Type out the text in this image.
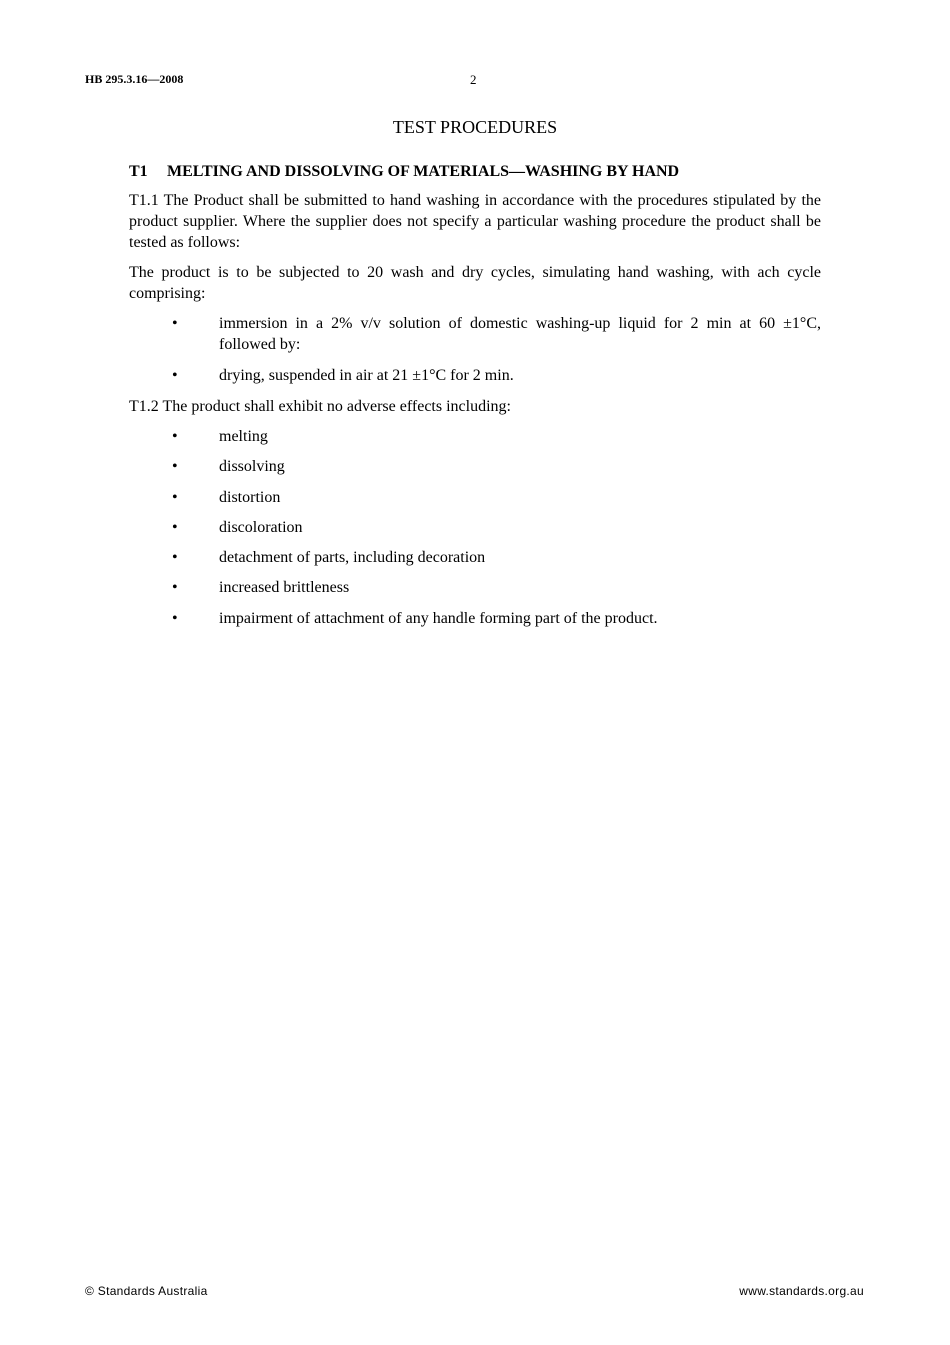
HB 295.3.16—2008	2
TEST PROCEDURES
T1 MELTING AND DISSOLVING OF MATERIALS—WASHING BY HAND

T1.1 The Product shall be submitted to hand washing in accordance with the procedures stipulated by the product supplier. Where the supplier does not specify a particular washing procedure the product shall be tested as follows:

The product is to be subjected to 20 wash and dry cycles, simulating hand washing, with ach cycle comprising:

•	immersion in a 2% v/v solution of domestic washing-up liquid for 2 min at 60 ±1°C, followed by:
•	drying, suspended in air at 21 ±1°C for 2 min.

T1.2 The product shall exhibit no adverse effects including:

•	melting
•	dissolving
•	distortion
•	discoloration
•	detachment of parts, including decoration
•	increased brittleness
•	impairment of attachment of any handle forming part of the product.
© Standards Australia	www.standards.org.au
